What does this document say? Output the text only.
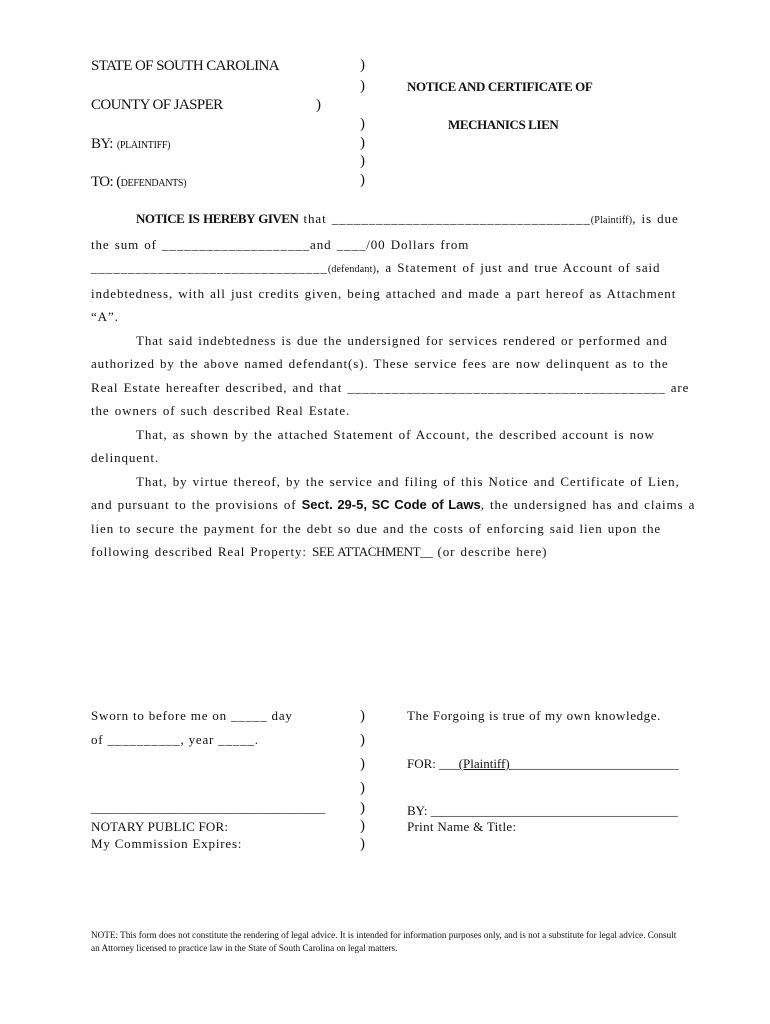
STATE OF SOUTH CAROLINA
COUNTY OF JASPER
BY: (PLAINTIFF)
TO: (DEFENDANTS)
)
)
)
)
)
)
)
NOTICE AND CERTIFICATE OF
MECHANICS LIEN

NOTICE IS HEREBY GIVEN that ___________________________________(Plaintiff), is due the sum of ____________________and ____/00 Dollars from ________________________________(defendant), a Statement of just and true Account of said indebtedness, with all just credits given, being attached and made a part hereof as Attachment “A”.

That said indebtedness is due the undersigned for services rendered or performed and authorized by the above named defendant(s). These service fees are now delinquent as to the Real Estate hereafter described, and that ___________________________________________ are the owners of such described Real Estate.

That, as shown by the attached Statement of Account, the described account is now delinquent.

That, by virtue thereof, by the service and filing of this Notice and Certificate of Lien, and pursuant to the provisions of Sect. 29-5, SC Code of Laws, the undersigned has and claims a lien to secure the payment for the debt so due and the costs of enforcing said lien upon the following described Real Property: SEE ATTACHMENT__ (or describe here)

Sworn to before me on _____ day
of __________, year _____.
____________________________________
NOTARY PUBLIC FOR:
My Commission Expires:
)
)
)
)
)
)
)
The Forgoing is true of my own knowledge.
FOR: ___(Plaintiff)__________________________
BY: ______________________________________
Print Name & Title:
NOTE: This form does not constitute the rendering of legal advice. It is intended for information purposes only, and is not a substitute for legal advice. Consult an Attorney licensed to practice law in the State of South Carolina on legal matters.
